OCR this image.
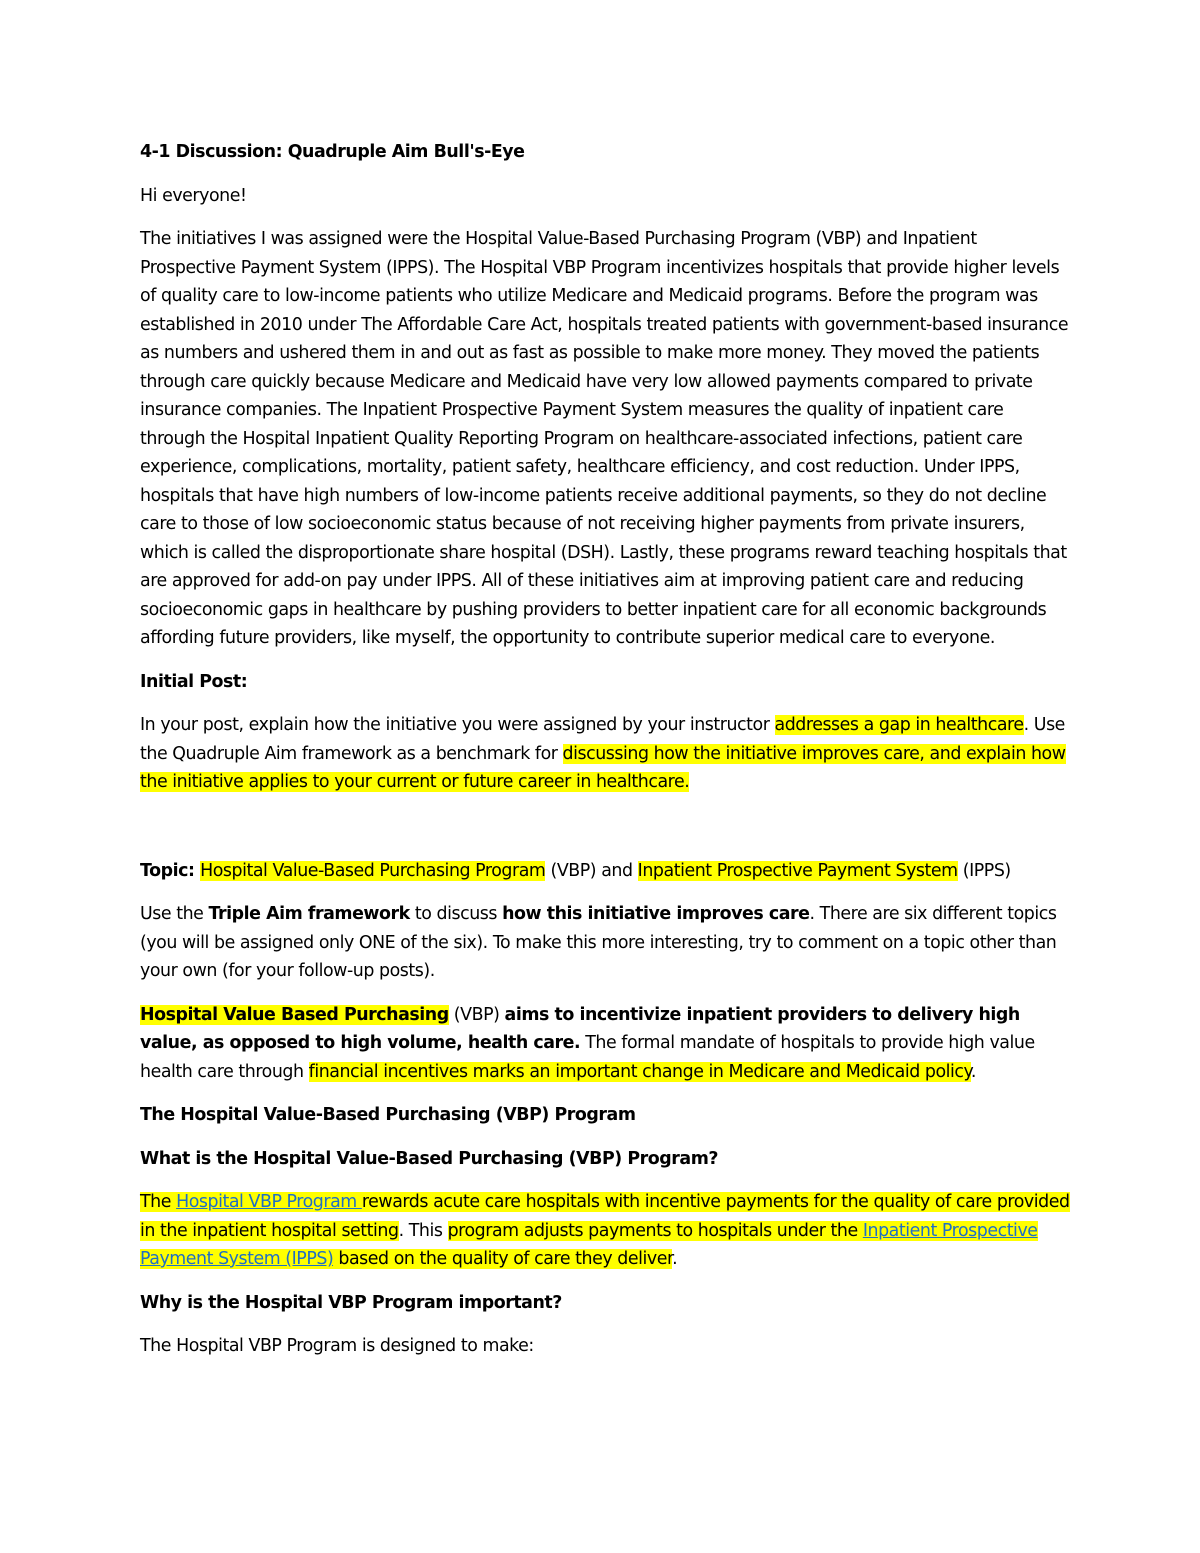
4-1 Discussion: Quadruple Aim Bull's-Eye

Hi everyone!

The initiatives I was assigned were the Hospital Value-Based Purchasing Program (VBP) and Inpatient Prospective Payment System (IPPS). The Hospital VBP Program incentivizes hospitals that provide higher levels of quality care to low-income patients who utilize Medicare and Medicaid programs. Before the program was established in 2010 under The Affordable Care Act, hospitals treated patients with government-based insurance as numbers and ushered them in and out as fast as possible to make more money. They moved the patients through care quickly because Medicare and Medicaid have very low allowed payments compared to private insurance companies. The Inpatient Prospective Payment System measures the quality of inpatient care through the Hospital Inpatient Quality Reporting Program on healthcare-associated infections, patient care experience, complications, mortality, patient safety, healthcare efficiency, and cost reduction. Under IPPS, hospitals that have high numbers of low-income patients receive additional payments, so they do not decline care to those of low socioeconomic status because of not receiving higher payments from private insurers, which is called the disproportionate share hospital (DSH). Lastly, these programs reward teaching hospitals that are approved for add-on pay under IPPS. All of these initiatives aim at improving patient care and reducing socioeconomic gaps in healthcare by pushing providers to better inpatient care for all economic backgrounds affording future providers, like myself, the opportunity to contribute superior medical care to everyone.

Initial Post:

In your post, explain how the initiative you were assigned by your instructor addresses a gap in healthcare. Use the Quadruple Aim framework as a benchmark for discussing how the initiative improves care, and explain how the initiative applies to your current or future career in healthcare.

Topic: Hospital Value-Based Purchasing Program (VBP) and Inpatient Prospective Payment System (IPPS)

Use the Triple Aim framework to discuss how this initiative improves care. There are six different topics (you will be assigned only ONE of the six). To make this more interesting, try to comment on a topic other than your own (for your follow-up posts).

Hospital Value Based Purchasing (VBP) aims to incentivize inpatient providers to delivery high value, as opposed to high volume, health care. The formal mandate of hospitals to provide high value health care through financial incentives marks an important change in Medicare and Medicaid policy.

The Hospital Value-Based Purchasing (VBP) Program

What is the Hospital Value-Based Purchasing (VBP) Program?

The Hospital VBP Program rewards acute care hospitals with incentive payments for the quality of care provided in the inpatient hospital setting. This program adjusts payments to hospitals under the Inpatient Prospective Payment System (IPPS) based on the quality of care they deliver.

Why is the Hospital VBP Program important?

The Hospital VBP Program is designed to make:
